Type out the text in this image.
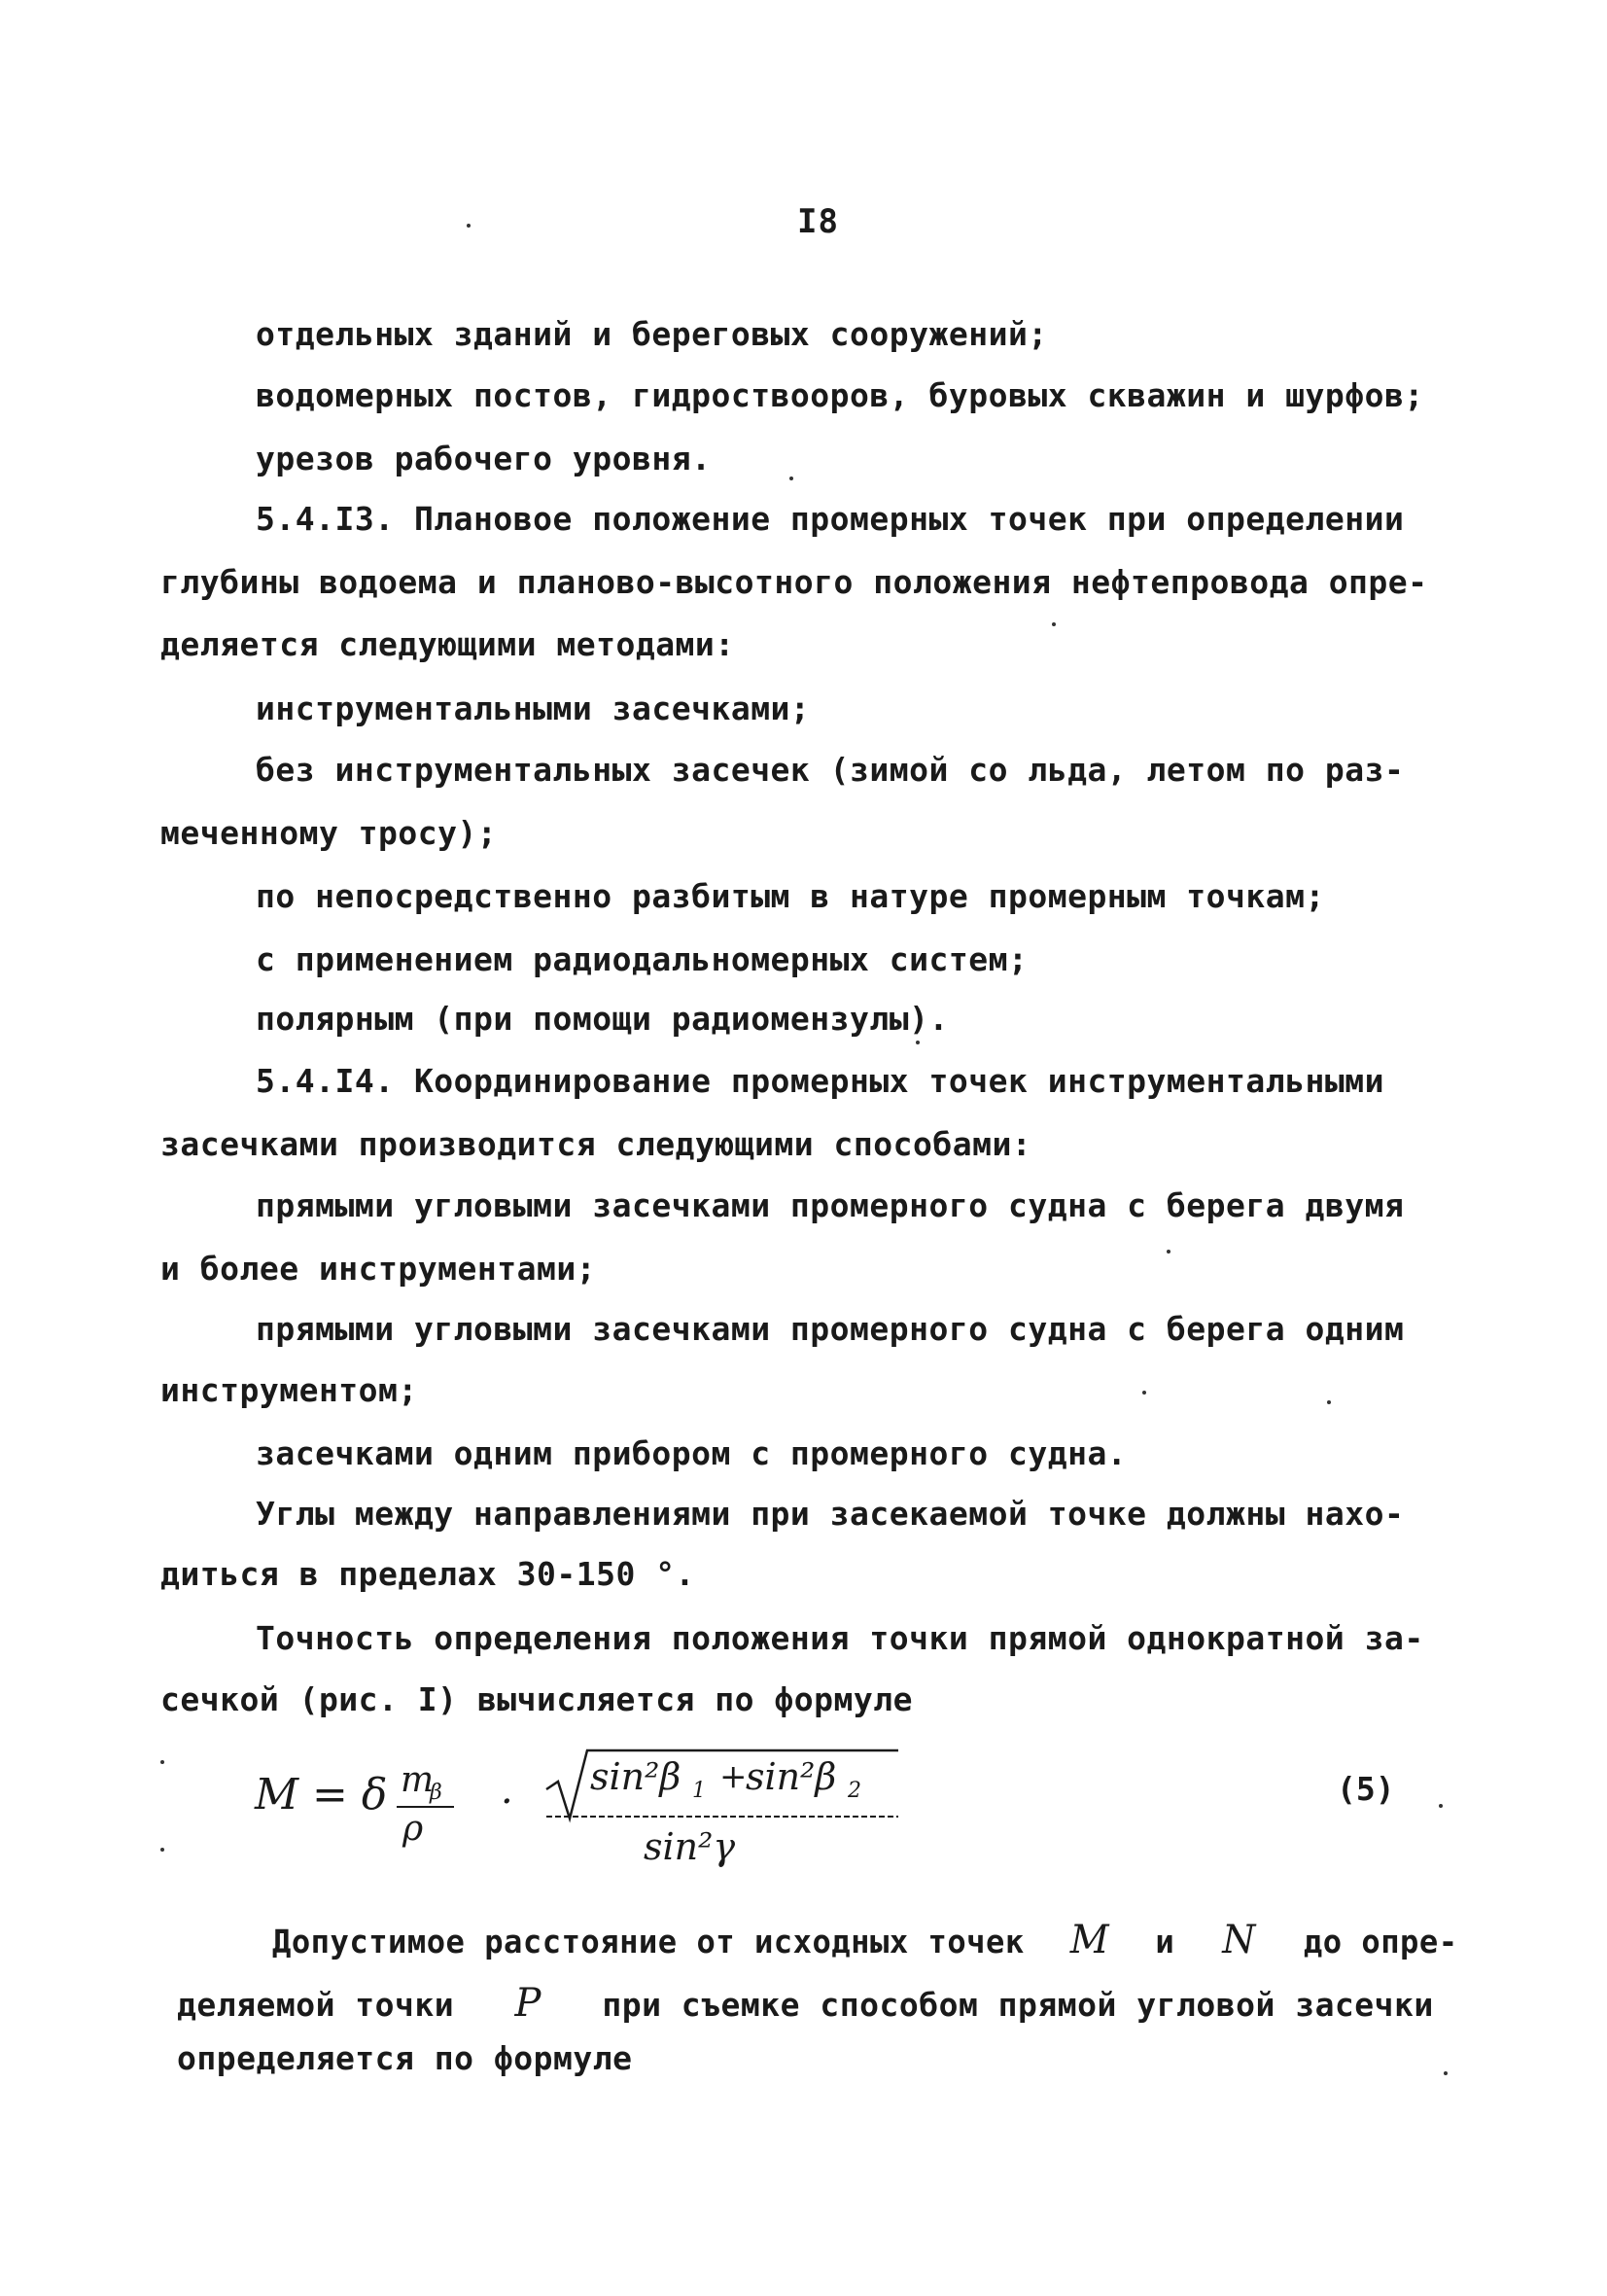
I8
отдельных зданий и береговых сооружений;
водомерных постов, гидроствооров, буровых скважин и шурфов;
урезов рабочего уровня.
5.4.I3. Плановое положение промерных точек при определении
глубины водоема и планово-высотного положения нефтепровода опре-
деляется следующими методами:
инструментальными засечками;
без инструментальных засечек (зимой со льда, летом по раз-
меченному тросу);
по непосредственно разбитым в натуре промерным точкам;
с применением радиодальномерных систем;
полярным (при помощи радиомензулы).
5.4.I4. Координирование промерных точек инструментальными
засечками производится следующими способами:
прямыми угловыми засечками промерного судна с берега двумя
и более инструментами;
прямыми угловыми засечками промерного судна с берега одним
инструментом;
засечками одним прибором с промерного судна.
Углы между направлениями при засекаемой точке должны нахо-
диться в пределах 30-150 °.
Точность определения положения точки прямой однократной за-
сечкой (рис. I) вычисляется по формуле
M = δ m
β
ρ
·
sin²β 1 +
sin²β 2
sin²γ
(5)
Допустимое расстояние от исходных точек M и N до опре-
деляемой точки P при съемке способом прямой угловой засечки
определяется по формуле
